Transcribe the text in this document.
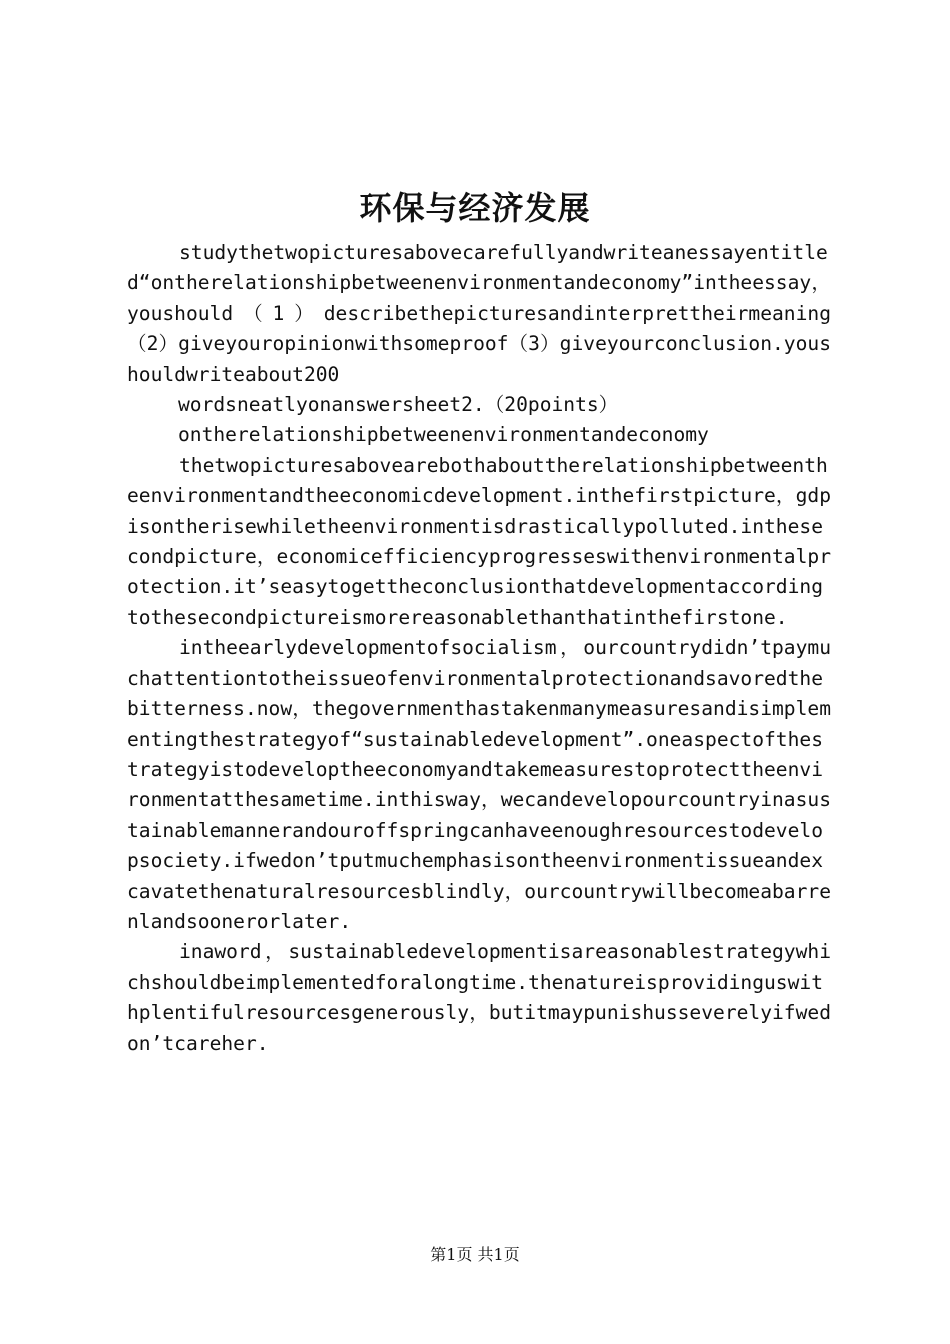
环保与经济发展

studythetwopicturesabovecarefullyandwriteanessayentitled“ontherelationshipbetweenenvironmentandeconomy”intheessay，youshould（1）describethepicturesandinterprettheirmeaning（2）giveyouropinionwithsomeproof（3）giveyourconclusion.youshouldwriteabout200

wordsneatlyonanswersheet2.（20points）

ontherelationshipbetweenenvironmentandeconomy

thetwopicturesabovearebothabouttherelationshipbetweentheenvironmentandtheeconomicdevelopment.inthefirstpicture，gdpisontherisewhiletheenvironmentisdrasticallypolluted.inthesecondpicture，economicefficiencyprogresseswithenvironmentalprotection.it’seasytogettheconclusionthatdevelopmentaccordingtothesecondpictureismorereasonablethanthatinthefirstone.

intheearlydevelopmentofsocialism，ourcountrydidn’tpaymuchattentiontotheissueofenvironmentalprotectionandsavoredthebitterness.now，thegovernmenthastakenmanymeasuresandisimplementingthestrategyof“sustainabledevelopment”.oneaspectofthestrategyistodeveloptheeconomyandtakemeasurestoprotecttheenvironmentatthesametime.inthisway，wecandevelopourcountryinasustainablemannerandouroffspringcanhaveenoughresourcestodevelopsociety.ifwedon’tputmuchemphasisontheenvironmentissueandexcavatethenaturalresourcesblindly，ourcountrywillbecomeabarrenlandsoonerorlater.

inaword，sustainabledevelopmentisareasonablestrategywhichshouldbeimplementedforalongtime.thenatureisprovidinguswithplentifulresourcesgenerously，butitmaypunishusseverelyifwedon’tcareher.

第1页 共1页
